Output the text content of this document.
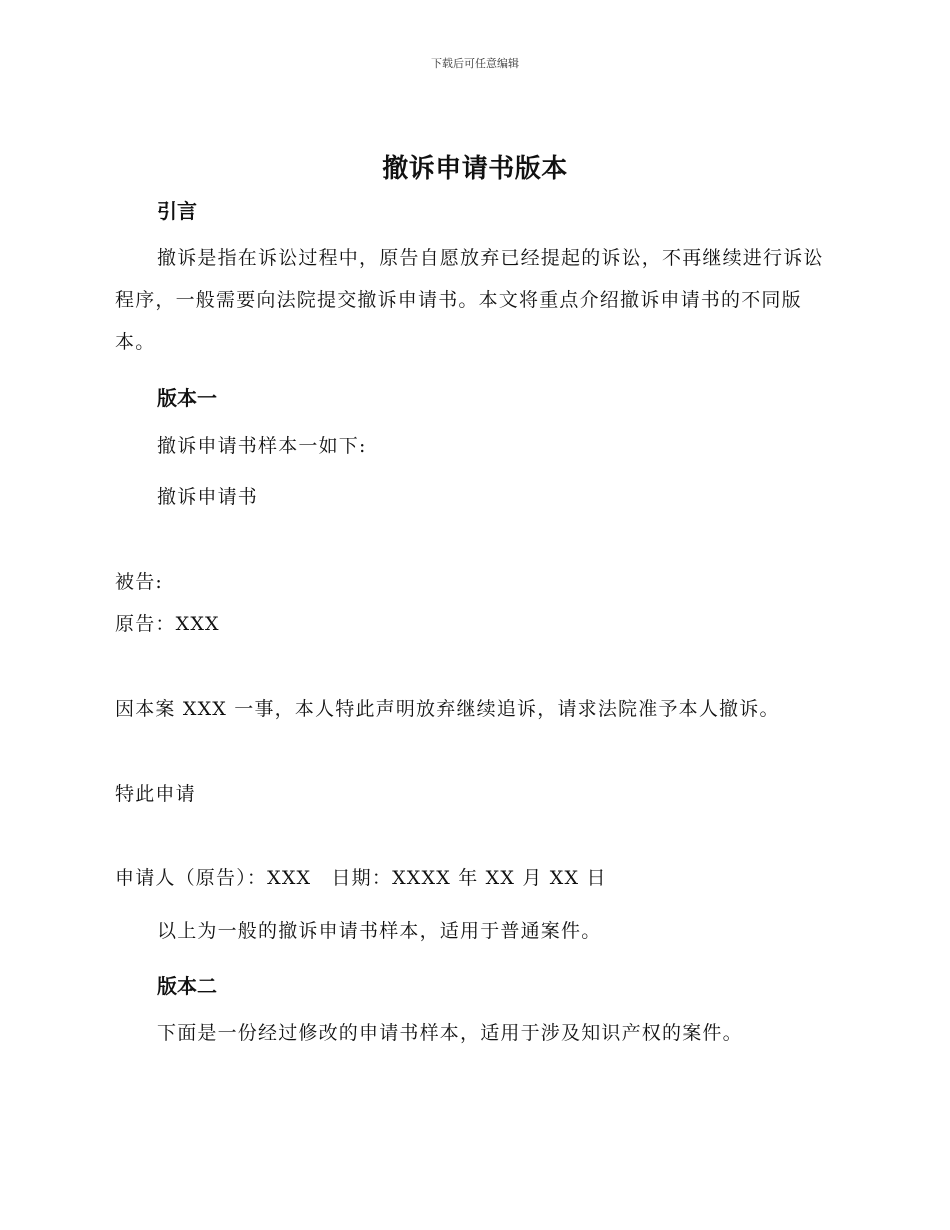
下载后可任意编辑
撤诉申请书版本
引言
撤诉是指在诉讼过程中，原告自愿放弃已经提起的诉讼，不再继续进行诉讼程序，一般需要向法院提交撤诉申请书。本文将重点介绍撤诉申请书的不同版本。
版本一
撤诉申请书样本一如下:
撤诉申请书
被告:
原告：XXX
因本案 XXX 一事，本人特此声明放弃继续追诉，请求法院准予本人撤诉。
特此申请
申请人（原告）：XXX　日期：XXXX 年 XX 月 XX 日
以上为一般的撤诉申请书样本，适用于普通案件。
版本二
下面是一份经过修改的申请书样本，适用于涉及知识产权的案件。
